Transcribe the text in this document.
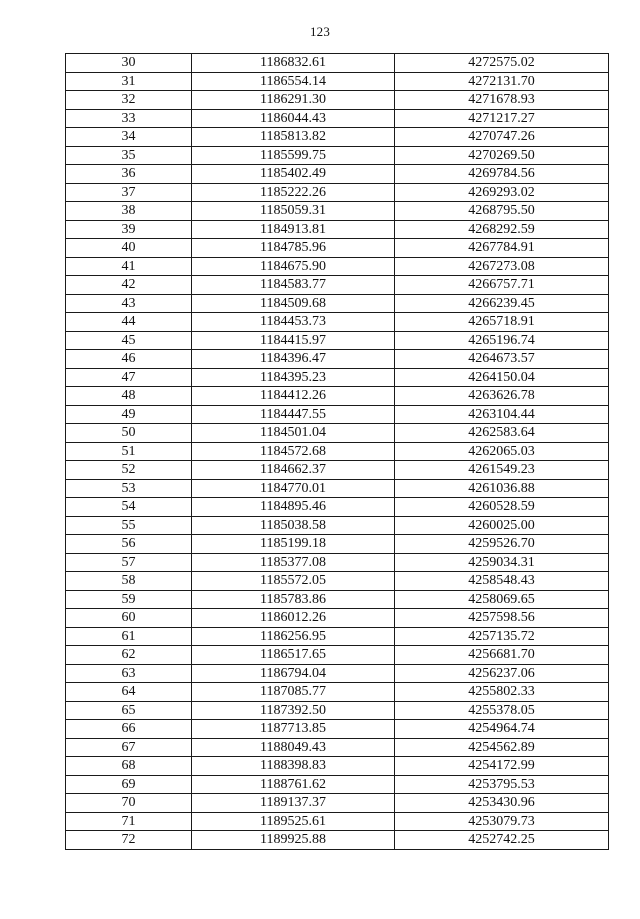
123
30	1186832.61	4272575.02
31	1186554.14	4272131.70
32	1186291.30	4271678.93
33	1186044.43	4271217.27
34	1185813.82	4270747.26
35	1185599.75	4270269.50
36	1185402.49	4269784.56
37	1185222.26	4269293.02
38	1185059.31	4268795.50
39	1184913.81	4268292.59
40	1184785.96	4267784.91
41	1184675.90	4267273.08
42	1184583.77	4266757.71
43	1184509.68	4266239.45
44	1184453.73	4265718.91
45	1184415.97	4265196.74
46	1184396.47	4264673.57
47	1184395.23	4264150.04
48	1184412.26	4263626.78
49	1184447.55	4263104.44
50	1184501.04	4262583.64
51	1184572.68	4262065.03
52	1184662.37	4261549.23
53	1184770.01	4261036.88
54	1184895.46	4260528.59
55	1185038.58	4260025.00
56	1185199.18	4259526.70
57	1185377.08	4259034.31
58	1185572.05	4258548.43
59	1185783.86	4258069.65
60	1186012.26	4257598.56
61	1186256.95	4257135.72
62	1186517.65	4256681.70
63	1186794.04	4256237.06
64	1187085.77	4255802.33
65	1187392.50	4255378.05
66	1187713.85	4254964.74
67	1188049.43	4254562.89
68	1188398.83	4254172.99
69	1188761.62	4253795.53
70	1189137.37	4253430.96
71	1189525.61	4253079.73
72	1189925.88	4252742.25
